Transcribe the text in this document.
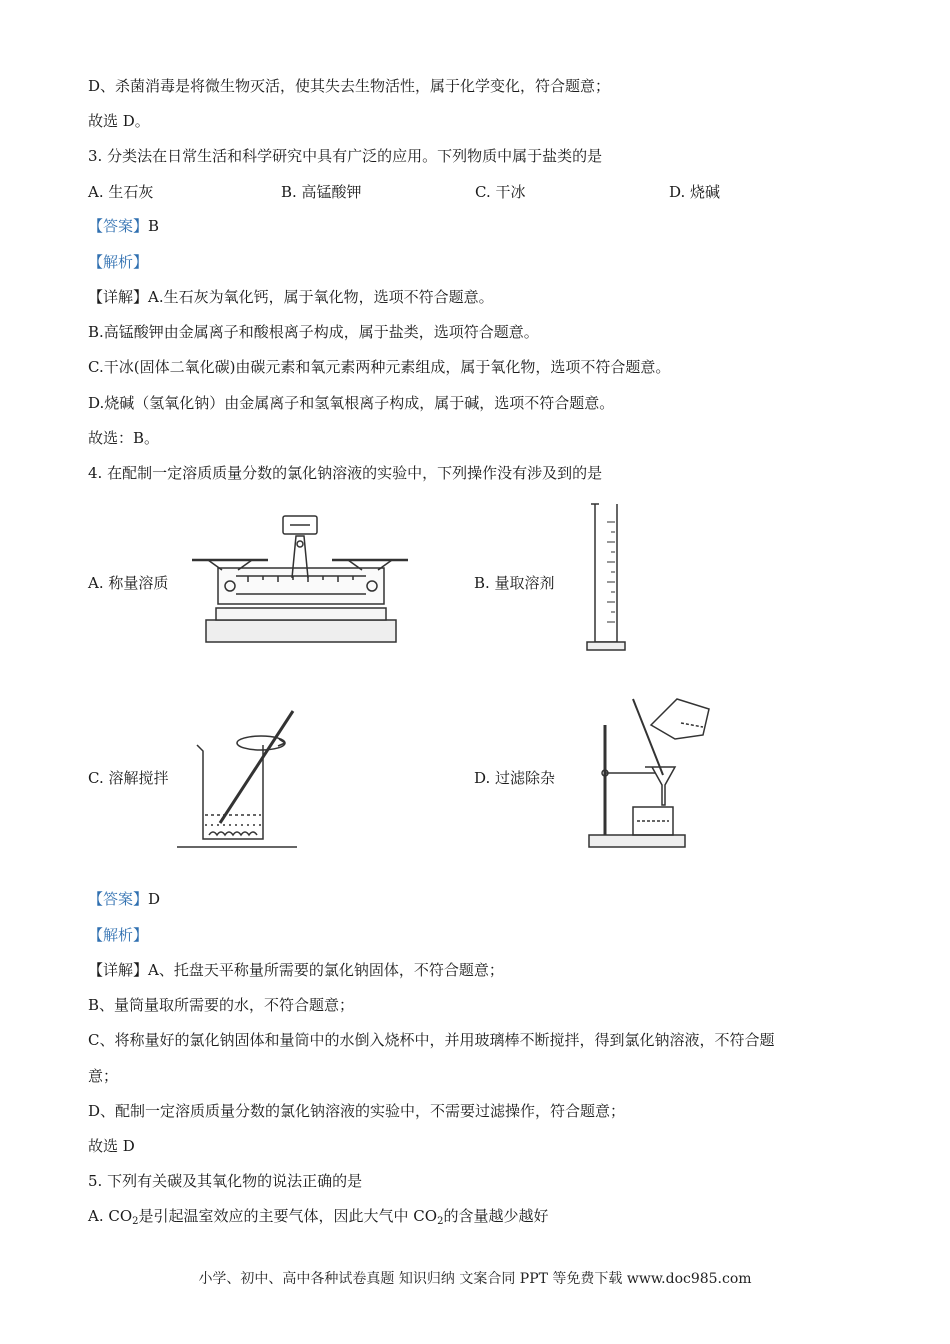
D、杀菌消毒是将微生物灭活，使其失去生物活性，属于化学变化，符合题意；
故选 D。
3. 分类法在日常生活和科学研究中具有广泛的应用。下列物质中属于盐类的是
A. 生石灰	B. 高锰酸钾	C. 干冰	D. 烧碱
【答案】B
【解析】
【详解】A.生石灰为氧化钙，属于氧化物，选项不符合题意。
B.高锰酸钾由金属离子和酸根离子构成，属于盐类，选项符合题意。
C.干冰(固体二氧化碳)由碳元素和氧元素两种元素组成，属于氧化物，选项不符合题意。
D.烧碱（氢氧化钠）由金属离子和氢氧根离子构成，属于碱，选项不符合题意。
故选：B。
4. 在配制一定溶质质量分数的氯化钠溶液的实验中，下列操作没有涉及到的是
A. 称量溶质	B. 量取溶剂
C. 溶解搅拌	D. 过滤除杂
【答案】D
【解析】
【详解】A、托盘天平称量所需要的氯化钠固体，不符合题意；
B、量筒量取所需要的水，不符合题意；
C、将称量好的氯化钠固体和量筒中的水倒入烧杯中，并用玻璃棒不断搅拌，得到氯化钠溶液，不符合题
意；
D、配制一定溶质质量分数的氯化钠溶液的实验中，不需要过滤操作，符合题意；
故选 D
5. 下列有关碳及其氧化物的说法正确的是
A. $CO_2$是引起温室效应的主要气体，因此大气中 $CO_2$的含量越少越好
小学、初中、高中各种试卷真题 知识归纳 文案合同 PPT 等免费下载 www.doc985.com
